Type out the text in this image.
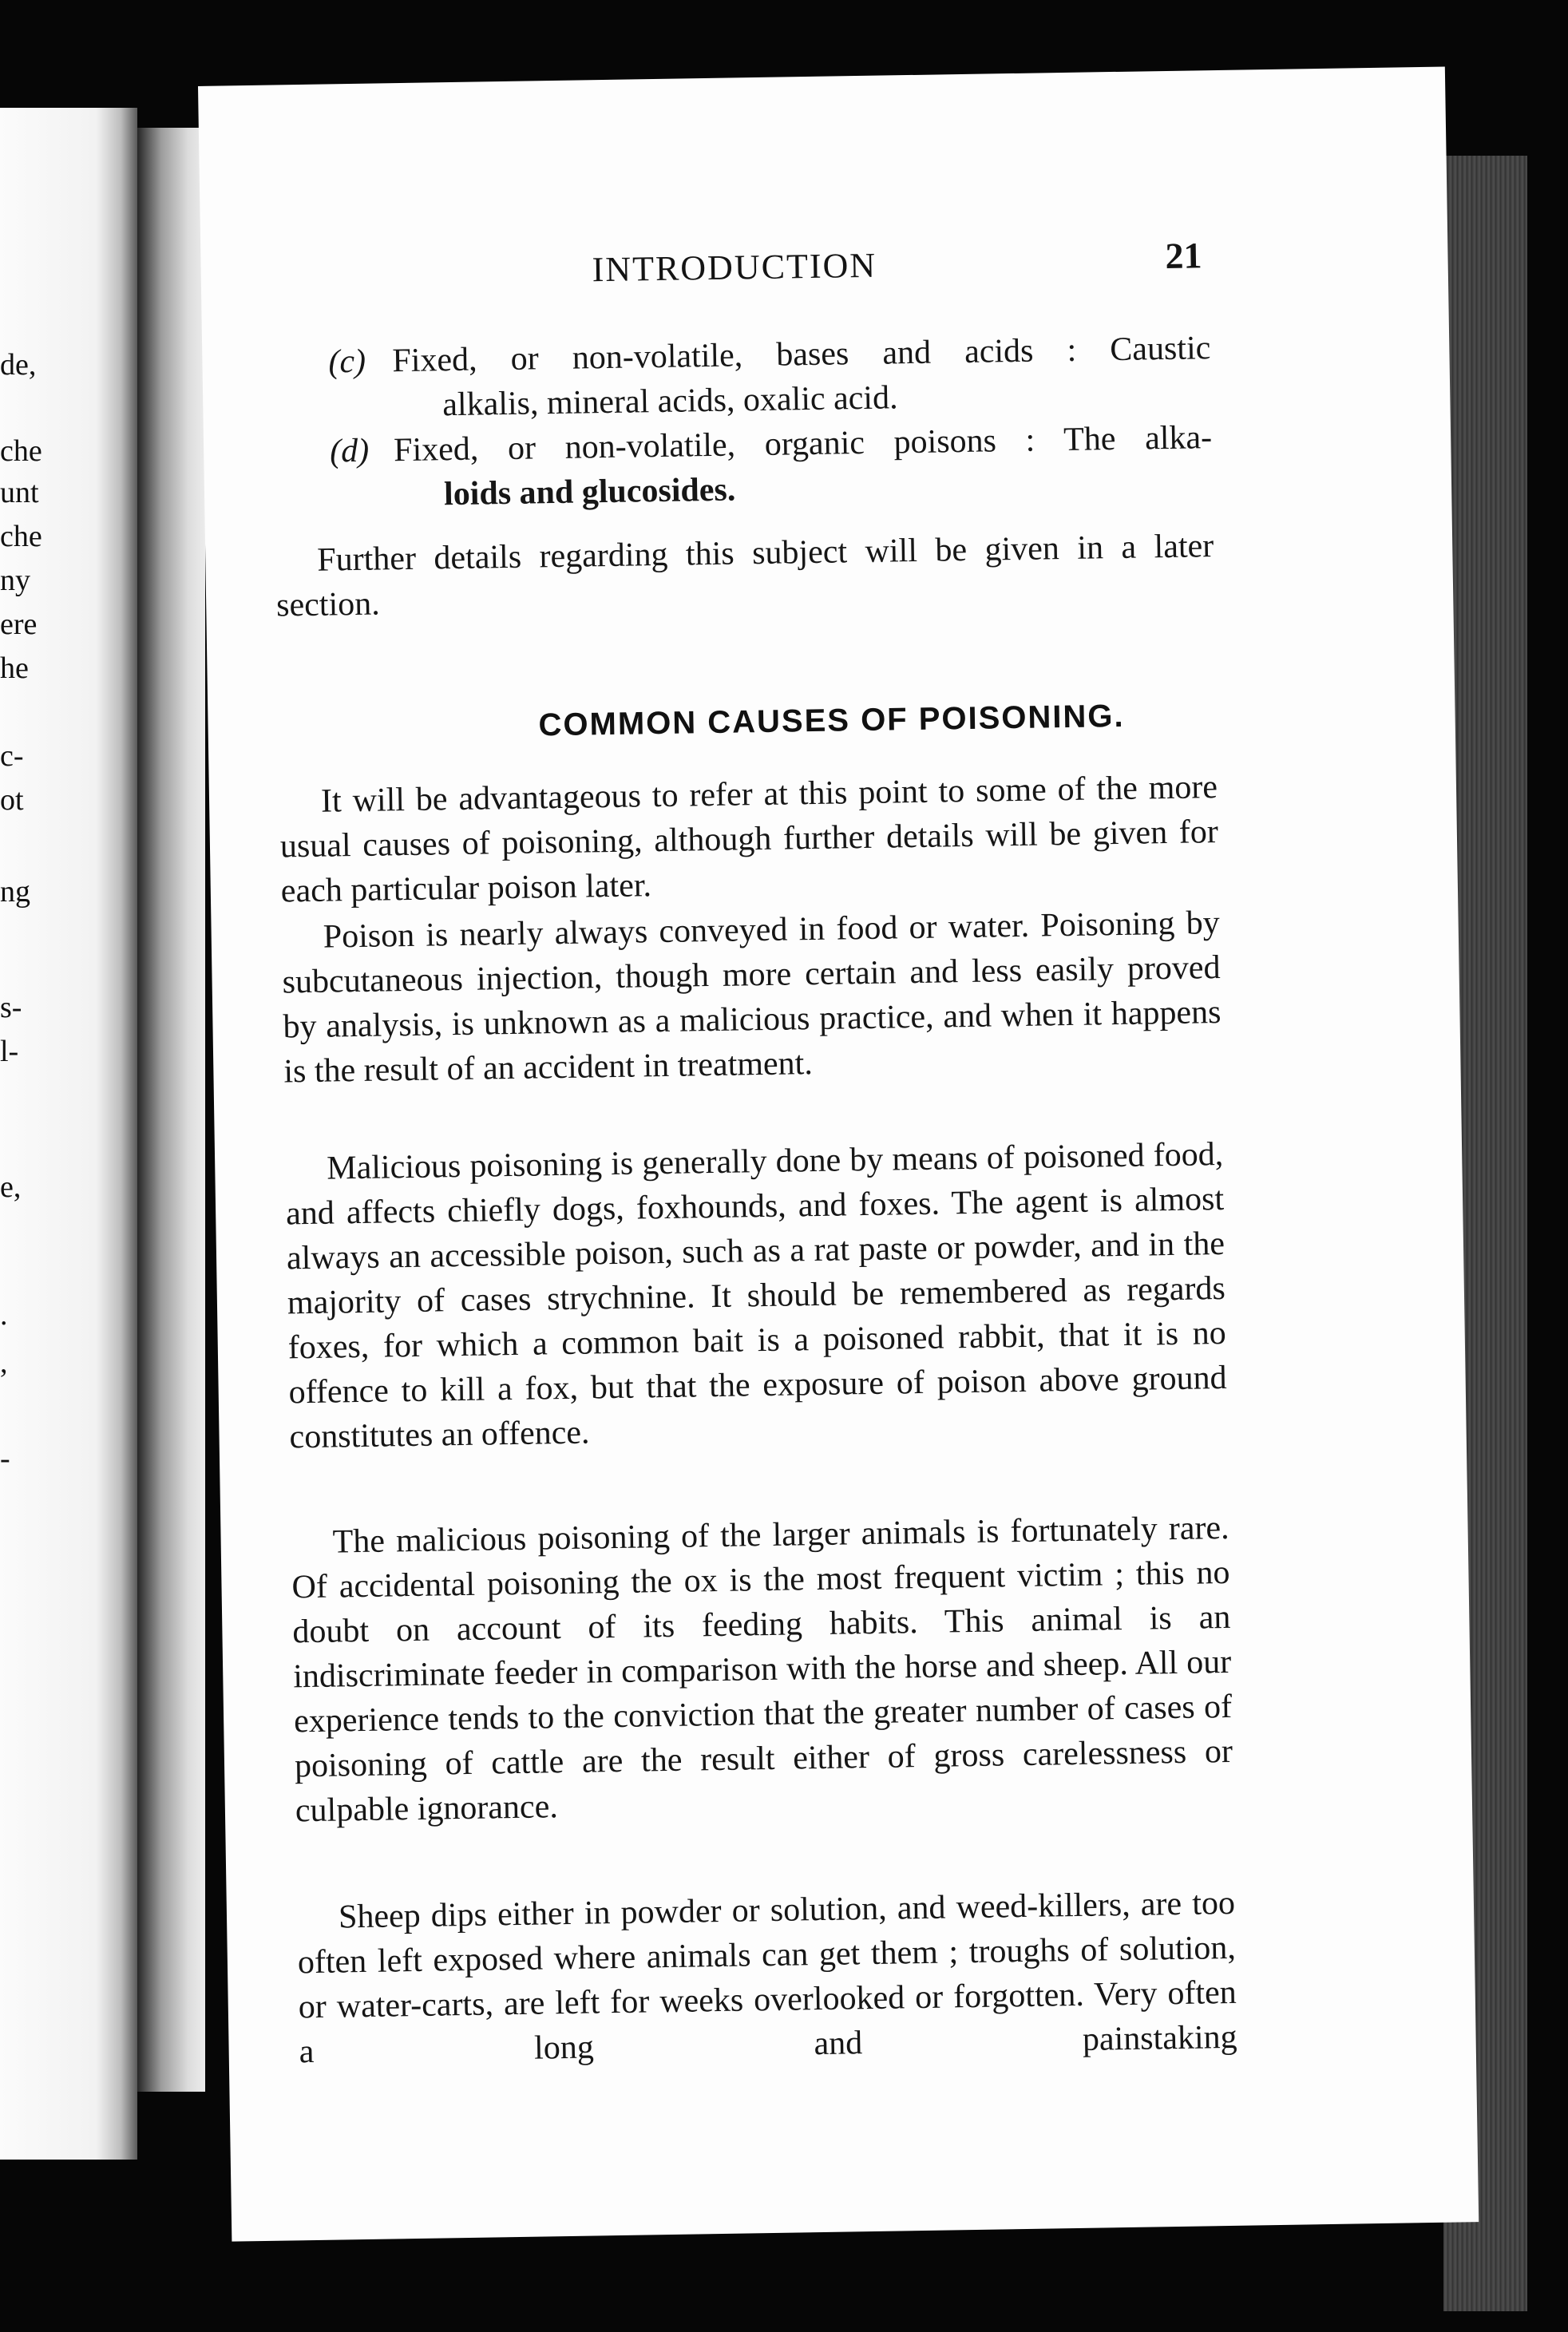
de,
che
unt
che
ny
ere
he
c-
ot
ng
s-
l-
e,
.
,
-
INTRODUCTION	21
(c) Fixed, or non-volatile, bases and acids : Caustic
alkalis, mineral acids, oxalic acid.
(d) Fixed, or non-volatile, organic poisons : The alka-
loids and glucosides.
Further details regarding this subject will be given in a later section.
COMMON CAUSES OF POISONING.
It will be advantageous to refer at this point to some of the more usual causes of poisoning, although further details will be given for each particular poison later.
Poison is nearly always conveyed in food or water. Poisoning by subcutaneous injection, though more certain and less easily proved by analysis, is unknown as a malicious practice, and when it happens is the result of an accident in treatment.
Malicious poisoning is generally done by means of poisoned food, and affects chiefly dogs, foxhounds, and foxes. The agent is almost always an accessible poison, such as a rat paste or powder, and in the majority of cases strychnine. It should be remembered as regards foxes, for which a common bait is a poisoned rabbit, that it is no offence to kill a fox, but that the exposure of poison above ground constitutes an offence.
The malicious poisoning of the larger animals is fortunately rare. Of accidental poisoning the ox is the most frequent victim ; this no doubt on account of its feeding habits. This animal is an indiscriminate feeder in comparison with the horse and sheep. All our experience tends to the conviction that the greater number of cases of poisoning of cattle are the result either of gross carelessness or culpable ignorance.
Sheep dips either in powder or solution, and weed-killers, are too often left exposed where animals can get them ; troughs of solution, or water-carts, are left for weeks overlooked or forgotten. Very often a long and painstaking
